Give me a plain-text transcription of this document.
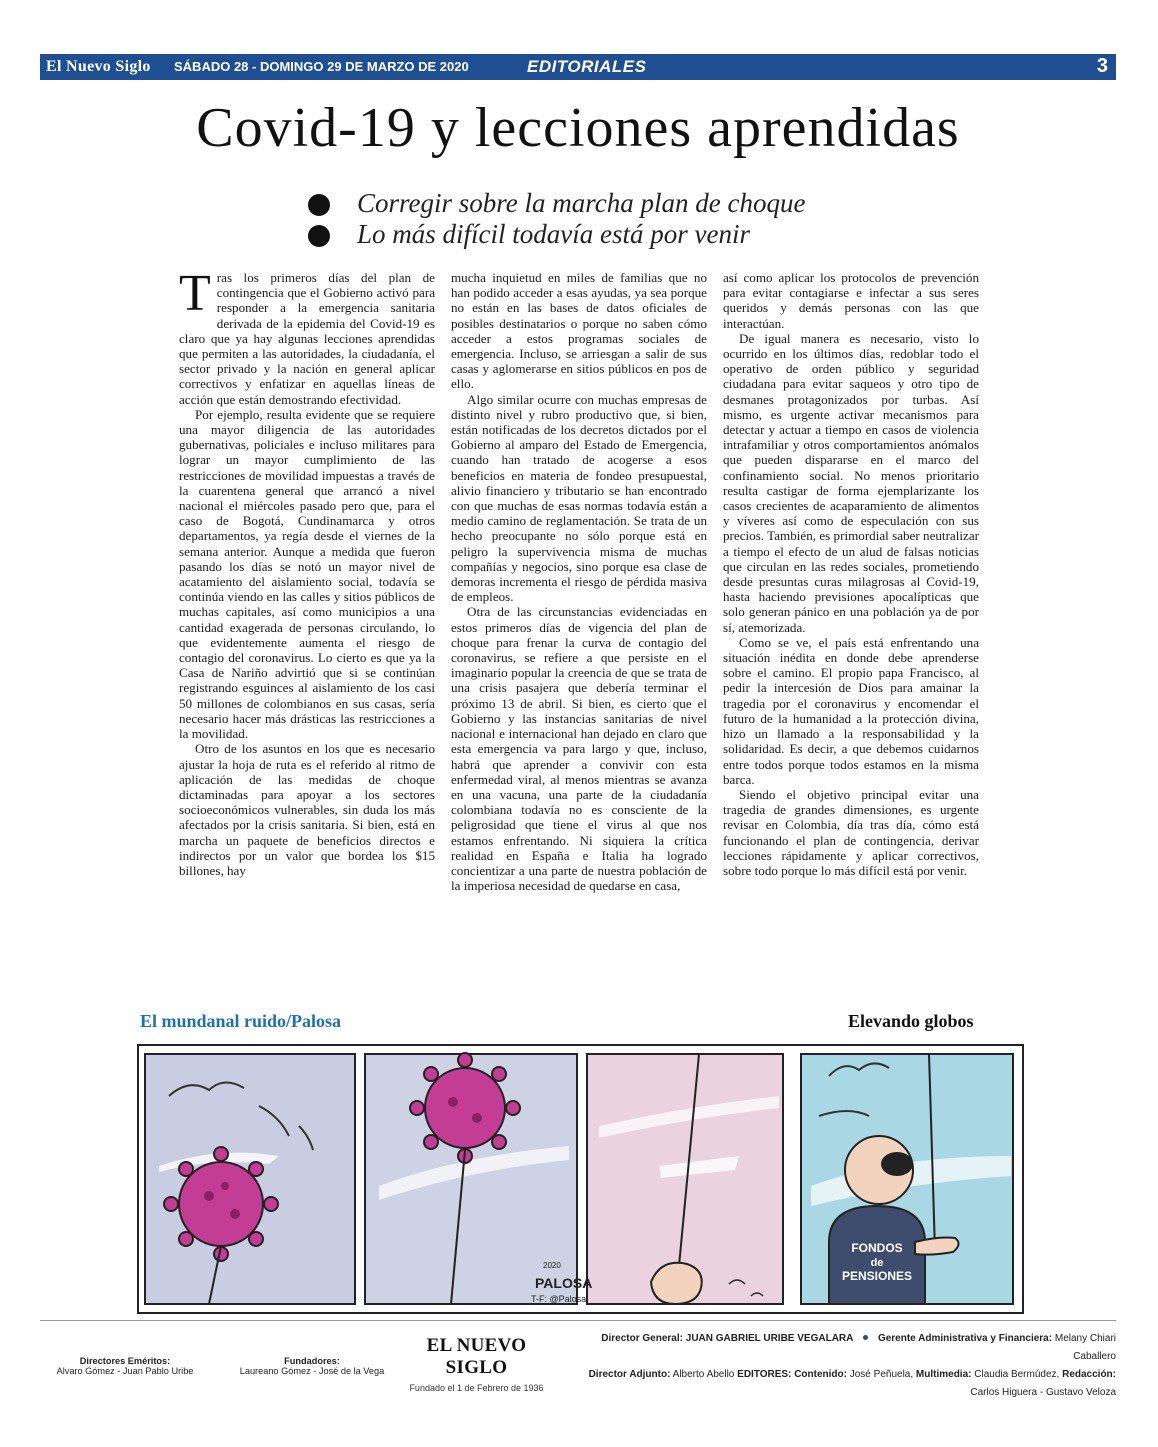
El Nuevo Siglo SÁBADO 28 - DOMINGO 29 DE MARZO DE 2020	EDITORIALES	3
Covid-19 y lecciones aprendidas
Corregir sobre la marcha plan de choque
Lo más difícil todavía está por venir

Tras los primeros días del plan de contingencia que el Gobierno activó para responder a la emergencia sanitaria derivada de la epidemia del Covid-19 es claro que ya hay algunas lecciones aprendidas que permiten a las autoridades, la ciudadanía, el sector privado y la nación en general aplicar correctivos y enfatizar en aquellas líneas de acción que están demostrando efectividad.

Por ejemplo, resulta evidente que se requiere una mayor diligencia de las autoridades gubernativas, policiales e incluso militares para lograr un mayor cumplimiento de las restricciones de movilidad impuestas a través de la cuarentena general que arrancó a nivel nacional el miércoles pasado pero que, para el caso de Bogotá, Cundinamarca y otros departamentos, ya regía desde el viernes de la semana anterior. Aunque a medida que fueron pasando los días se notó un mayor nivel de acatamiento del aislamiento social, todavía se continúa viendo en las calles y sitios públicos de muchas capitales, así como municipios a una cantidad exagerada de personas circulando, lo que evidentemente aumenta el riesgo de contagio del coronavirus. Lo cierto es que ya la Casa de Nariño advirtió que si se continúan registrando esguinces al aislamiento de los casi 50 millones de colombianos en sus casas, sería necesario hacer más drásticas las restricciones a la movilidad.

Otro de los asuntos en los que es necesario ajustar la hoja de ruta es el referido al ritmo de aplicación de las medidas de choque dictaminadas para apoyar a los sectores socioeconómicos vulnerables, sin duda los más afectados por la crisis sanitaria. Si bien, está en marcha un paquete de beneficios directos e indirectos por un valor que bordea los $15 billones, hay

mucha inquietud en miles de familias que no han podido acceder a esas ayudas, ya sea porque no están en las bases de datos oficiales de posibles destinatarios o porque no saben cómo acceder a estos programas sociales de emergencia. Incluso, se arriesgan a salir de sus casas y aglomerarse en sitios públicos en pos de ello.

Algo similar ocurre con muchas empresas de distinto nivel y rubro productivo que, si bien, están notificadas de los decretos dictados por el Gobierno al amparo del Estado de Emergencia, cuando han tratado de acogerse a esos beneficios en materia de fondeo presupuestal, alivio financiero y tributario se han encontrado con que muchas de esas normas todavía están a medio camino de reglamentación. Se trata de un hecho preocupante no sólo porque está en peligro la supervivencia misma de muchas compañías y negocios, sino porque esa clase de demoras incrementa el riesgo de pérdida masiva de empleos.

Otra de las circunstancias evidenciadas en estos primeros días de vigencia del plan de choque para frenar la curva de contagio del coronavirus, se refiere a que persiste en el imaginario popular la creencia de que se trata de una crisis pasajera que debería terminar el próximo 13 de abril. Si bien, es cierto que el Gobierno y las instancias sanitarias de nivel nacional e internacional han dejado en claro que esta emergencia va para largo y que, incluso, habrá que aprender a convivir con esta enfermedad viral, al menos mientras se avanza en una vacuna, una parte de la ciudadanía colombiana todavía no es consciente de la peligrosidad que tiene el virus al que nos estamos enfrentando. Ni siquiera la crítica realidad en España e Italia ha logrado concientizar a una parte de nuestra población de la imperiosa necesidad de quedarse en casa,

así como aplicar los protocolos de prevención para evitar contagiarse e infectar a sus seres queridos y demás personas con las que interactúan.

De igual manera es necesario, visto lo ocurrido en los últimos días, redoblar todo el operativo de orden público y seguridad ciudadana para evitar saqueos y otro tipo de desmanes protagonizados por turbas. Así mismo, es urgente activar mecanismos para detectar y actuar a tiempo en casos de violencia intrafamiliar y otros comportamientos anómalos que pueden dispararse en el marco del confinamiento social. No menos prioritario resulta castigar de forma ejemplarizante los casos crecientes de acaparamiento de alimentos y víveres así como de especulación con sus precios. También, es primordial saber neutralizar a tiempo el efecto de un alud de falsas noticias que circulan en las redes sociales, prometiendo desde presuntas curas milagrosas al Covid-19, hasta haciendo previsiones apocalípticas que solo generan pánico en una población ya de por sí, atemorizada.

Como se ve, el país está enfrentando una situación inédita en donde debe aprenderse sobre el camino. El propio papa Francisco, al pedir la intercesión de Dios para amainar la tragedia por el coronavirus y encomendar el futuro de la humanidad a la protección divina, hizo un llamado a la responsabilidad y la solidaridad. Es decir, a que debemos cuidarnos entre todos porque todos estamos en la misma barca.

Siendo el objetivo principal evitar una tragedia de grandes dimensiones, es urgente revisar en Colombia, día tras día, cómo está funcionando el plan de contingencia, derivar lecciones rápidamente y aplicar correctivos, sobre todo porque lo más difícil está por venir.

El mundanal ruido/Palosa	Elevando globos
FONDOS
de
PENSIONES
2020
PALOSA
T-F: @Palosa
Directores Eméritos:
Alvaro Gómez - Juan Pablo Uribe
Fundadores:
Laureano Gómez - José de la Vega
EL NUEVO SIGLO
Fundado el 1 de Febrero de 1936
Director General: JUAN GABRIEL URIBE VEGALARA Gerente Administrativa y Financiera: Melany Chiari Caballero
Director Adjunto: Alberto Abello EDITORES: Contenido: José Peñuela, Multimedia: Claudia Bermúdez, Redacción: Carlos Higuera - Gustavo Veloza
